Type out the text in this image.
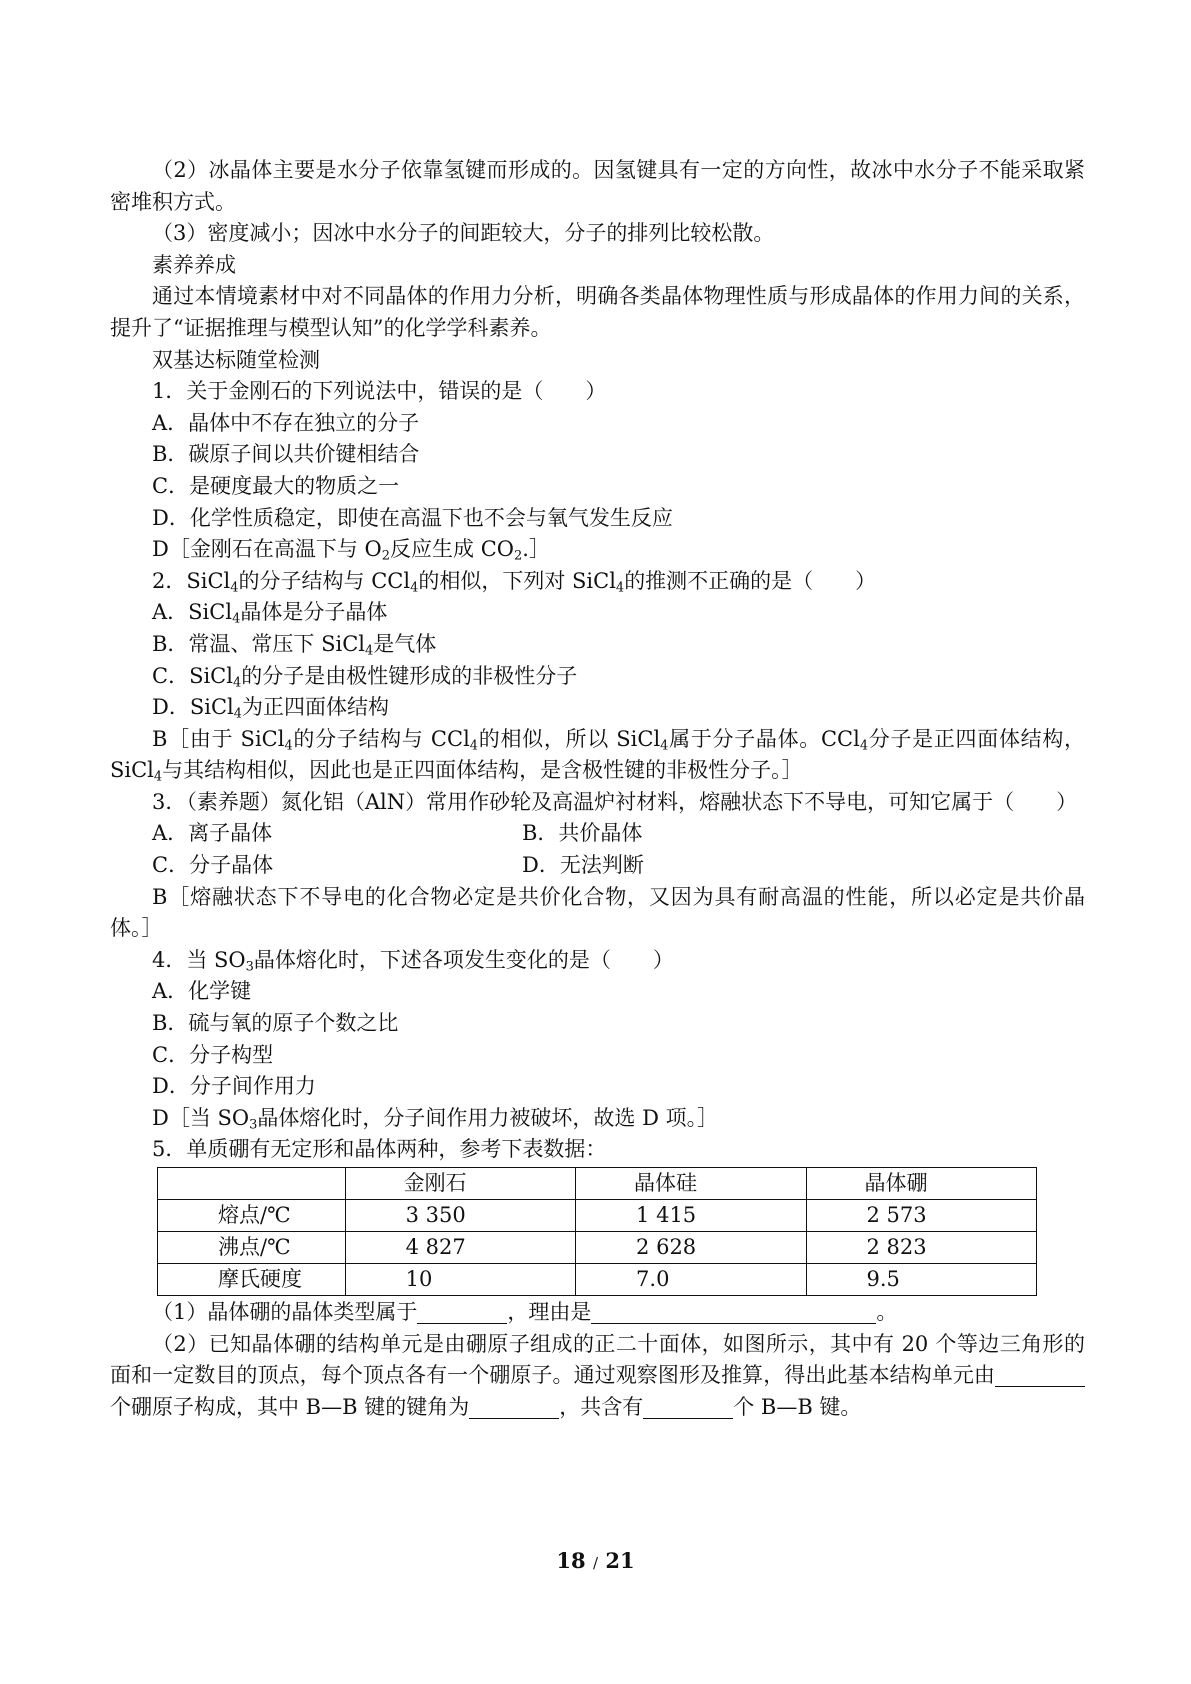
（2）冰晶体主要是水分子依靠氢键而形成的。因氢键具有一定的方向性，故冰中水分子不能采取紧密堆积方式。

（3）密度减小；因冰中水分子的间距较大，分子的排列比较松散。

素养养成

通过本情境素材中对不同晶体的作用力分析，明确各类晶体物理性质与形成晶体的作用力间的关系，提升了“证据推理与模型认知”的化学学科素养。

双基达标随堂检测

1．关于金刚石的下列说法中，错误的是（　　）

A．晶体中不存在独立的分子

B．碳原子间以共价键相结合

C．是硬度最大的物质之一

D．化学性质稳定，即使在高温下也不会与氧气发生反应

D［金刚石在高温下与 $O_2$反应生成 $CO_2.]$

2．SiCl$_4$的分子结构与 CCl$_4$的相似，下列对 SiCl$_4$的推测不正确的是（　　）

A．SiCl$_4$晶体是分子晶体

B．常温、常压下 SiCl$_4$是气体

C．SiCl$_4$的分子是由极性键形成的非极性分子

D．SiCl$_4$为正四面体结构

B［由于 SiCl$_4$的分子结构与 CCl$_4$的相似，所以 SiCl$_4$属于分子晶体。CCl$_4$分子是正四面体结构，SiCl$_4$与其结构相似，因此也是正四面体结构，是含极性键的非极性分子。］

3．（素养题）氮化铝（AlN）常用作砂轮及高温炉衬材料，熔融状态下不导电，可知它属于（　　）

A．离子晶体	B．共价晶体
C．分子晶体	D．无法判断

B［熔融状态下不导电的化合物必定是共价化合物，又因为具有耐高温的性能，所以必定是共价晶体。］

4．当 $SO_3$晶体熔化时，下述各项发生变化的是（　　）

A．化学键

B．硫与氧的原子个数之比

C．分子构型

D．分子间作用力

D［当 $SO_3$晶体熔化时，分子间作用力被破坏，故选 D 项。］

5．单质硼有无定形和晶体两种，参考下表数据：

	金刚石	晶体硅	晶体硼
熔点/℃	3 350	1 415	2 573
沸点/℃	4 827	2 628	2 823
摩氏硬度	10	7.0	9.5

（1）晶体硼的晶体类型属于	，理由是	。

（2）已知晶体硼的结构单元是由硼原子组成的正二十面体，如图所示，其中有 20 个等边三角形的面和一定数目的顶点，每个顶点各有一个硼原子。通过观察图形及推算，得出此基本结构单元由个硼原子构成，其中 B—B 键的键角为	，共含有	个 B—B 键。

18 / 21
